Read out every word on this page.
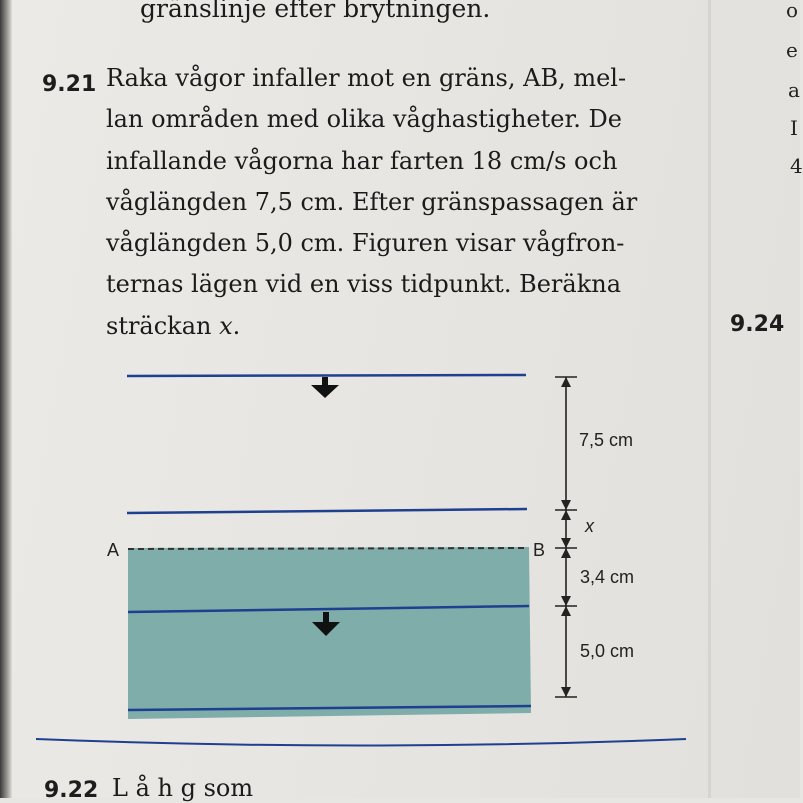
gränslinje efter brytningen.
9.21 Raka vågor infaller mot en gräns, AB, mel-
lan områden med olika våghastigheter. De
infallande vågorna har farten 18 cm/s och
våglängden 7,5 cm. Efter gränspassagen är
våglängden 5,0 cm. Figuren visar vågfron-
ternas lägen vid en viss tidpunkt. Beräkna
sträckan x.	9.24
o
e
a
I
4
A	B
7,5 cm
x
3,4 cm
5,0 cm
9.22 L å h g som
